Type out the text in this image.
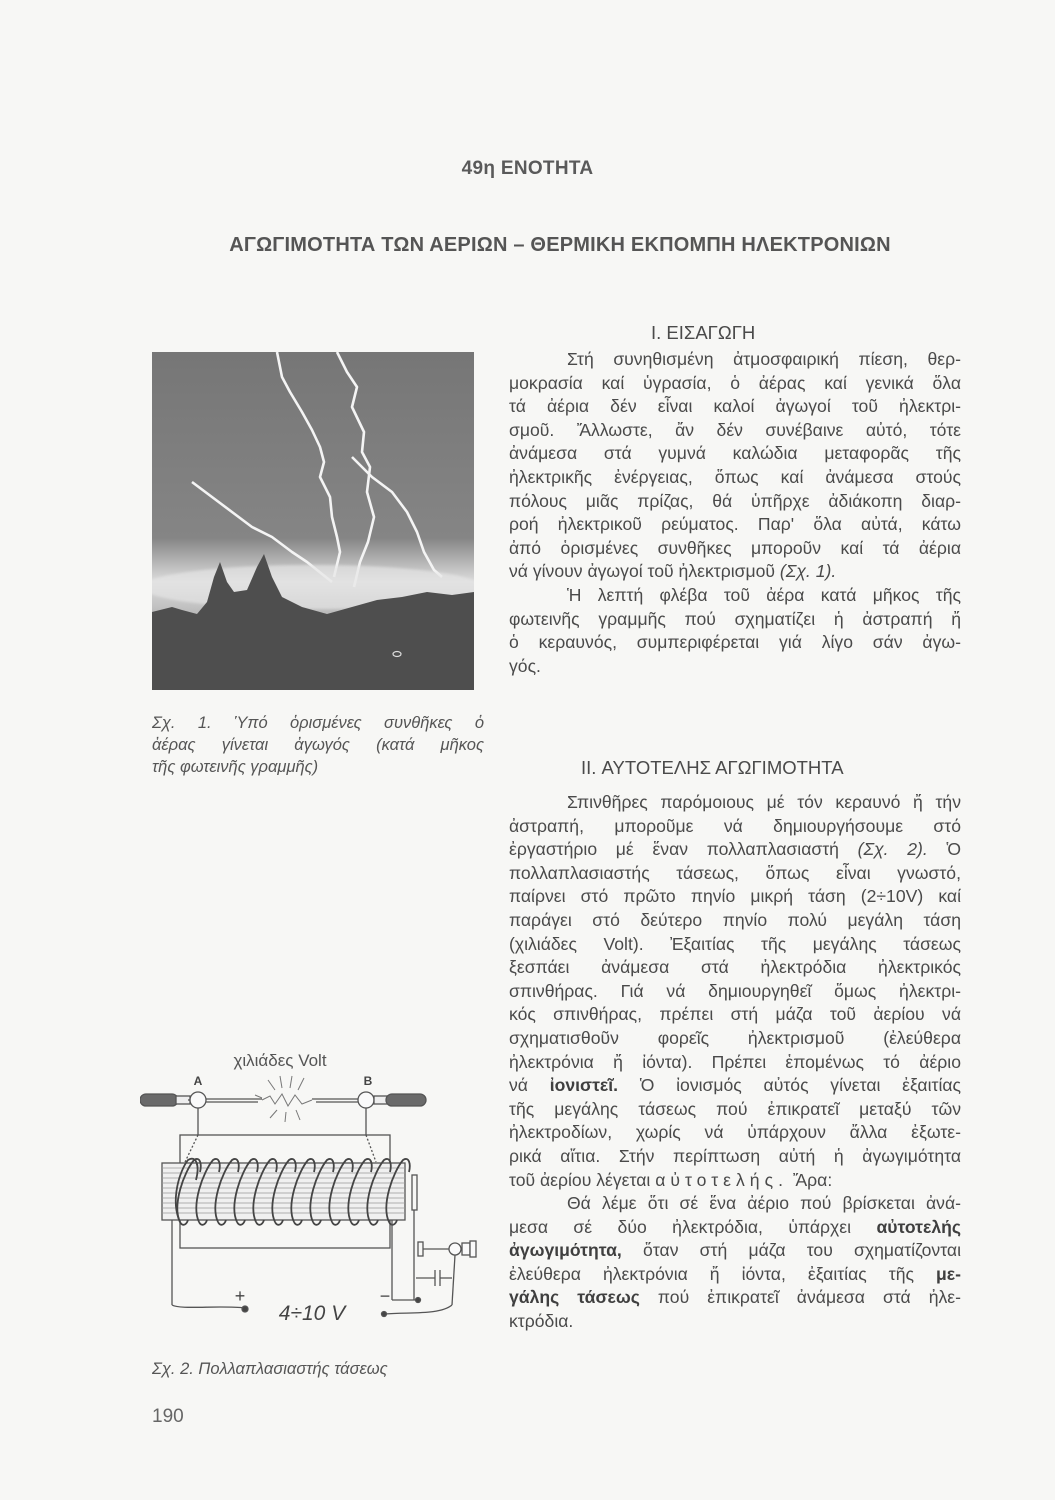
49η ΕΝΟΤΗΤΑ
ΑΓΩΓΙΜΟΤΗΤΑ ΤΩΝ ΑΕΡΙΩΝ – ΘΕΡΜΙΚΗ ΕΚΠΟΜΠΗ ΗΛΕΚΤΡΟΝΙΩΝ
Σχ. 1. Ὑπό ὁρισμένες συνθῆκες ὁ
ἀέρας γίνεται ἀγωγός (κατά μῆκος
τῆς φωτεινῆς γραμμῆς)
I. ΕΙΣΑΓΩΓΗ
Στή συνηθισμένη ἀτμοσφαιρική πίεση, θερ-
μοκρασία καί ὑγρασία, ὁ ἀέρας καί γενικά ὅλα
τά ἀέρια δέν εἶναι καλοί ἀγωγοί τοῦ ἠλεκτρι-
σμοῦ. Ἄλλωστε, ἄν δέν συνέβαινε αὐτό, τότε
ἀνάμεσα στά γυμνά καλώδια μεταφορᾶς τῆς
ἠλεκτρικῆς ἐνέργειας, ὅπως καί ἀνάμεσα στούς
πόλους μιᾶς πρίζας, θά ὑπῆρχε ἀδιάκοπη διαρ-
ροή ἠλεκτρικοῦ ρεύματος. Παρ' ὅλα αὐτά, κάτω
ἀπό ὁρισμένες συνθῆκες μποροῦν καί τά ἀέρια
νά γίνουν ἀγωγοί τοῦ ἠλεκτρισμοῦ (Σχ. 1).
Ἡ λεπτή φλέβα τοῦ ἀέρα κατά μῆκος τῆς
φωτεινῆς γραμμῆς πού σχηματίζει ἡ ἀστραπή ἤ
ὁ κεραυνός, συμπεριφέρεται γιά λίγο σάν ἀγω-
γός.
II. ΑΥΤΟΤΕΛΗΣ ΑΓΩΓΙΜΟΤΗΤΑ
Σπινθῆρες παρόμοιους μέ τόν κεραυνό ἤ τήν
ἀστραπή, μποροῦμε νά δημιουργήσουμε στό
ἐργαστήριο μέ ἕναν πολλαπλασιαστή (Σχ. 2). Ὁ
πολλαπλασιαστής τάσεως, ὅπως εἶναι γνωστό,
παίρνει στό πρῶτο πηνίο μικρή τάση (2÷10V) καί
παράγει στό δεύτερο πηνίο πολύ μεγάλη τάση
(χιλιάδες Volt). Ἐξαιτίας τῆς μεγάλης τάσεως
ξεσπάει ἀνάμεσα στά ἠλεκτρόδια ἠλεκτρικός
σπινθήρας. Γιά νά δημιουργηθεῖ ὅμως ἠλεκτρι-
κός σπινθήρας, πρέπει στή μάζα τοῦ ἀερίου νά
σχηματισθοῦν φορεῖς ἠλεκτρισμοῦ (ἐλεύθερα
ἠλεκτρόνια ἤ ἰόντα). Πρέπει ἑπομένως τό ἀέριο
νά ἰονιστεῖ. Ὁ ἰονισμός αὐτός γίνεται ἐξαιτίας
τῆς μεγάλης τάσεως πού ἐπικρατεῖ μεταξύ τῶν
ἠλεκτροδίων, χωρίς νά ὑπάρχουν ἄλλα ἐξωτε-
ρικά αἴτια. Στήν περίπτωση αὐτή ἡ ἀγωγιμότητα
τοῦ ἀερίου λέγεται αὐτοτελής. Ἄρα:
Θά λέμε ὅτι σέ ἕνα ἀέριο πού βρίσκεται ἀνά-
μεσα σέ δύο ἠλεκτρόδια, ὑπάρχει αὐτοτελής
ἀγωγιμότητα, ὅταν στή μάζα του σχηματίζονται
ἐλεύθερα ἠλεκτρόνια ἤ ἰόντα, ἐξαιτίας τῆς με-
γάλης τάσεως πού ἐπικρατεῖ ἀνάμεσα στά ἠλε-
κτρόδια.
χιλιάδες Volt
A	B
+	−
4÷10 V
Σχ. 2. Πολλαπλασιαστής τάσεως
190
